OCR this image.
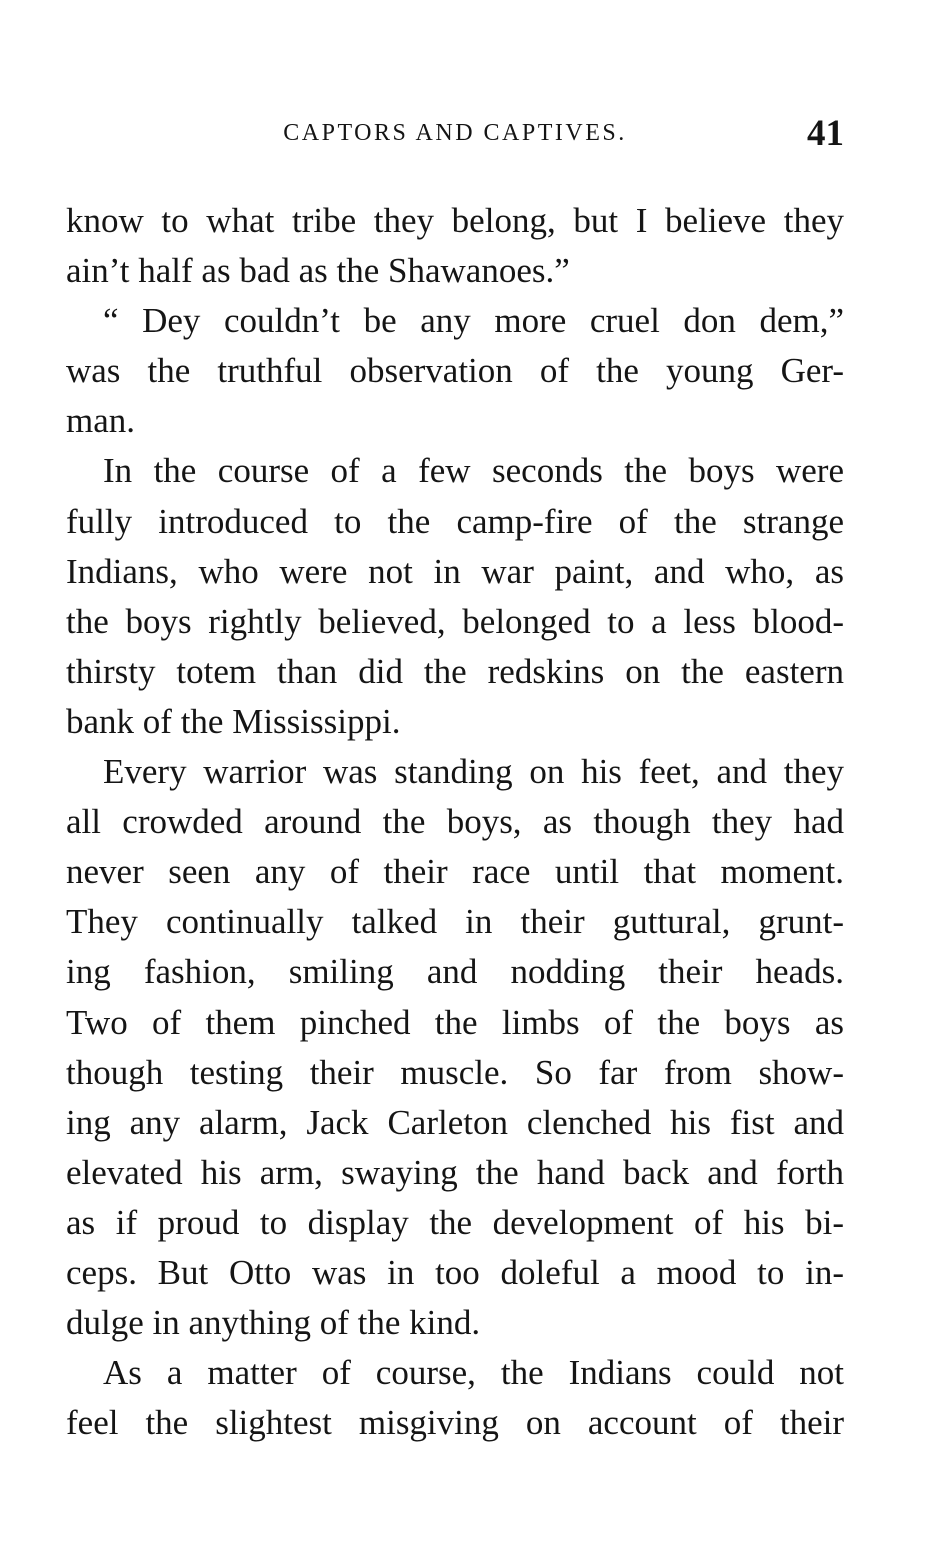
CAPTORS AND CAPTIVES.	41
know to what tribe they belong, but I believe they
ain’t half as bad as the Shawanoes.”
“ Dey couldn’t be any more cruel don dem,”
was the truthful observation of the young Ger-
man.
In the course of a few seconds the boys were
fully introduced to the camp-fire of the strange
Indians, who were not in war paint, and who, as
the boys rightly believed, belonged to a less blood-
thirsty totem than did the redskins on the eastern
bank of the Mississippi.
Every warrior was standing on his feet, and they
all crowded around the boys, as though they had
never seen any of their race until that moment.
They continually talked in their guttural, grunt-
ing fashion, smiling and nodding their heads.
Two of them pinched the limbs of the boys as
though testing their muscle. So far from show-
ing any alarm, Jack Carleton clenched his fist and
elevated his arm, swaying the hand back and forth
as if proud to display the development of his bi-
ceps. But Otto was in too doleful a mood to in-
dulge in anything of the kind.
As a matter of course, the Indians could not
feel the slightest misgiving on account of their
